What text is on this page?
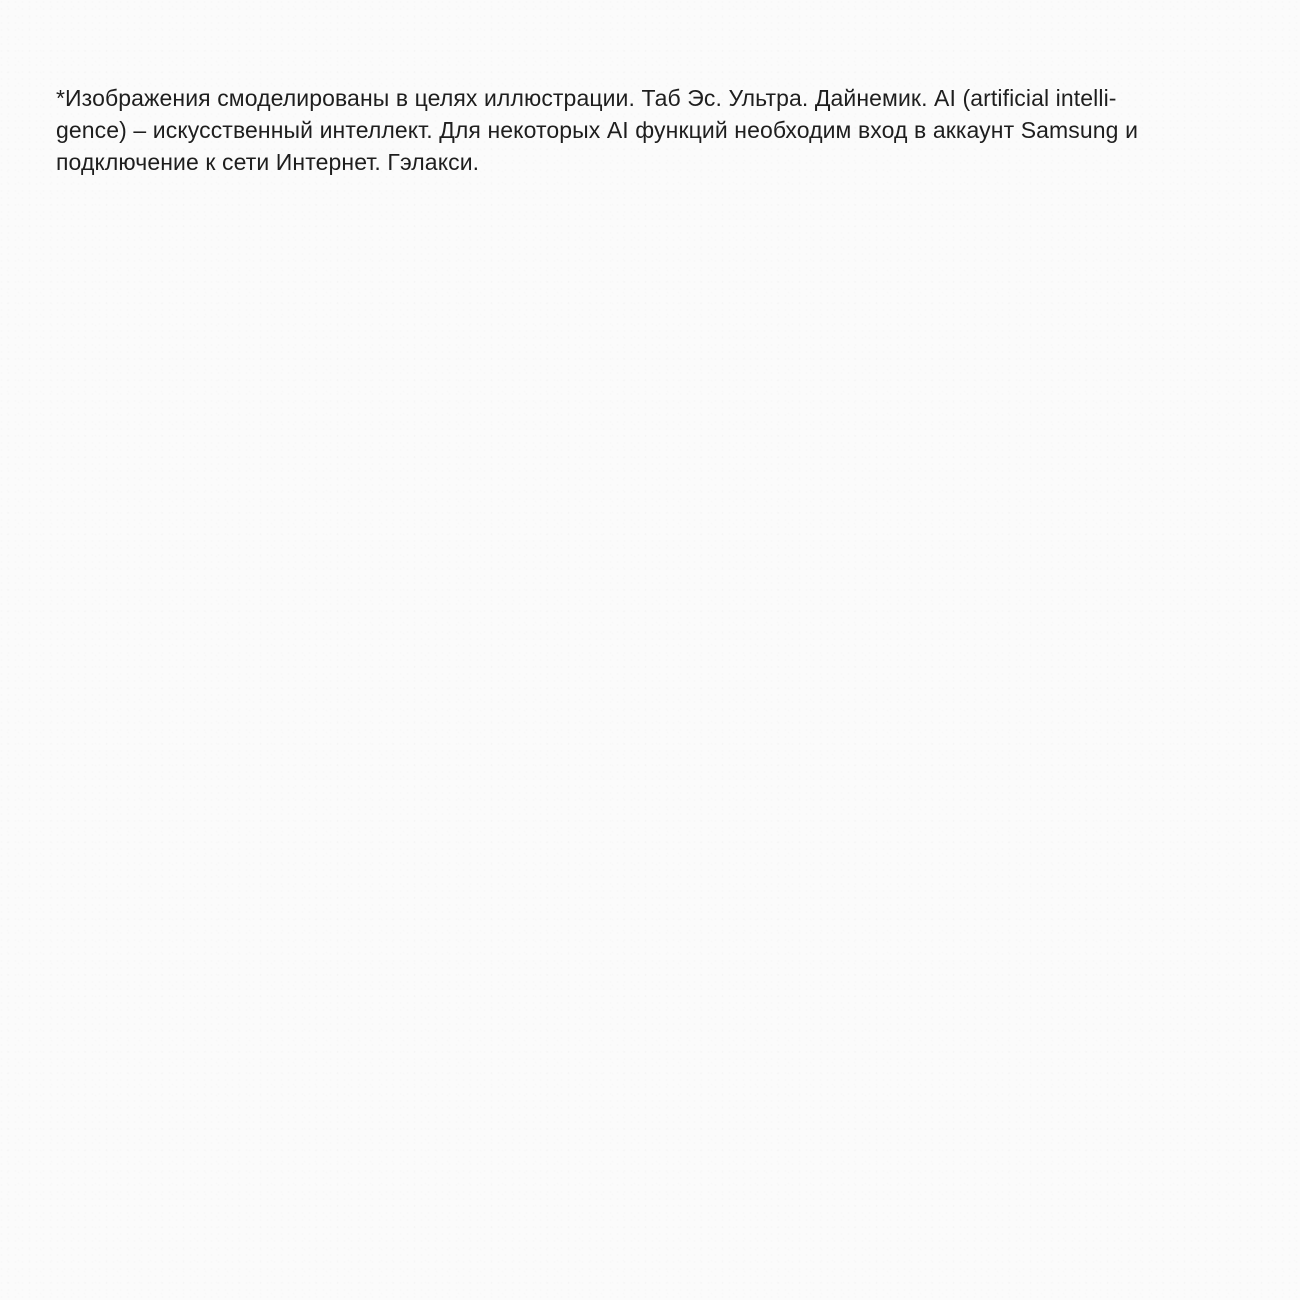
*Изображения смоделированы в целях иллюстрации. Таб Эс. Ультра. Дайнемик. AI (artificial intelli-
gence) – искусственный интеллект. Для некоторых AI функций необходим вход в аккаунт Samsung и
подключение к сети Интернет. Гэлакси.
